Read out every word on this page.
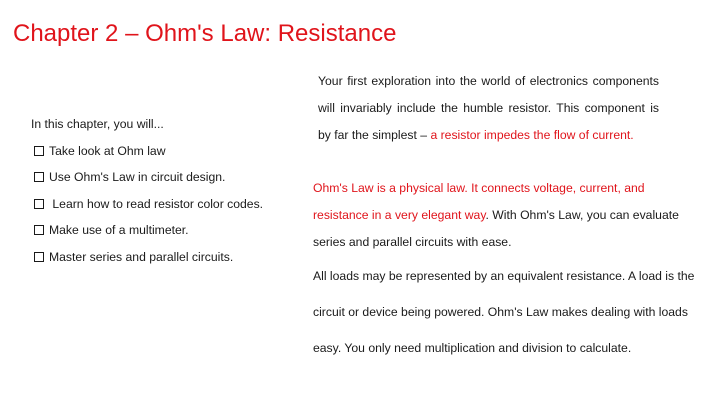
Chapter 2 – Ohm's Law: Resistance

In this chapter, you will...

Take look at Ohm law
Use Ohm's Law in circuit design.
Learn how to read resistor color codes.
Make use of a multimeter.
Master series and parallel circuits.

Your first exploration into the world of electronics components will invariably include the humble resistor. This component is by far the simplest – a resistor impedes the flow of current.

Ohm's Law is a physical law. It connects voltage, current, and resistance in a very elegant way. With Ohm's Law, you can evaluate series and parallel circuits with ease.

All loads may be represented by an equivalent resistance. A load is the circuit or device being powered. Ohm's Law makes dealing with loads easy. You only need multiplication and division to calculate.
